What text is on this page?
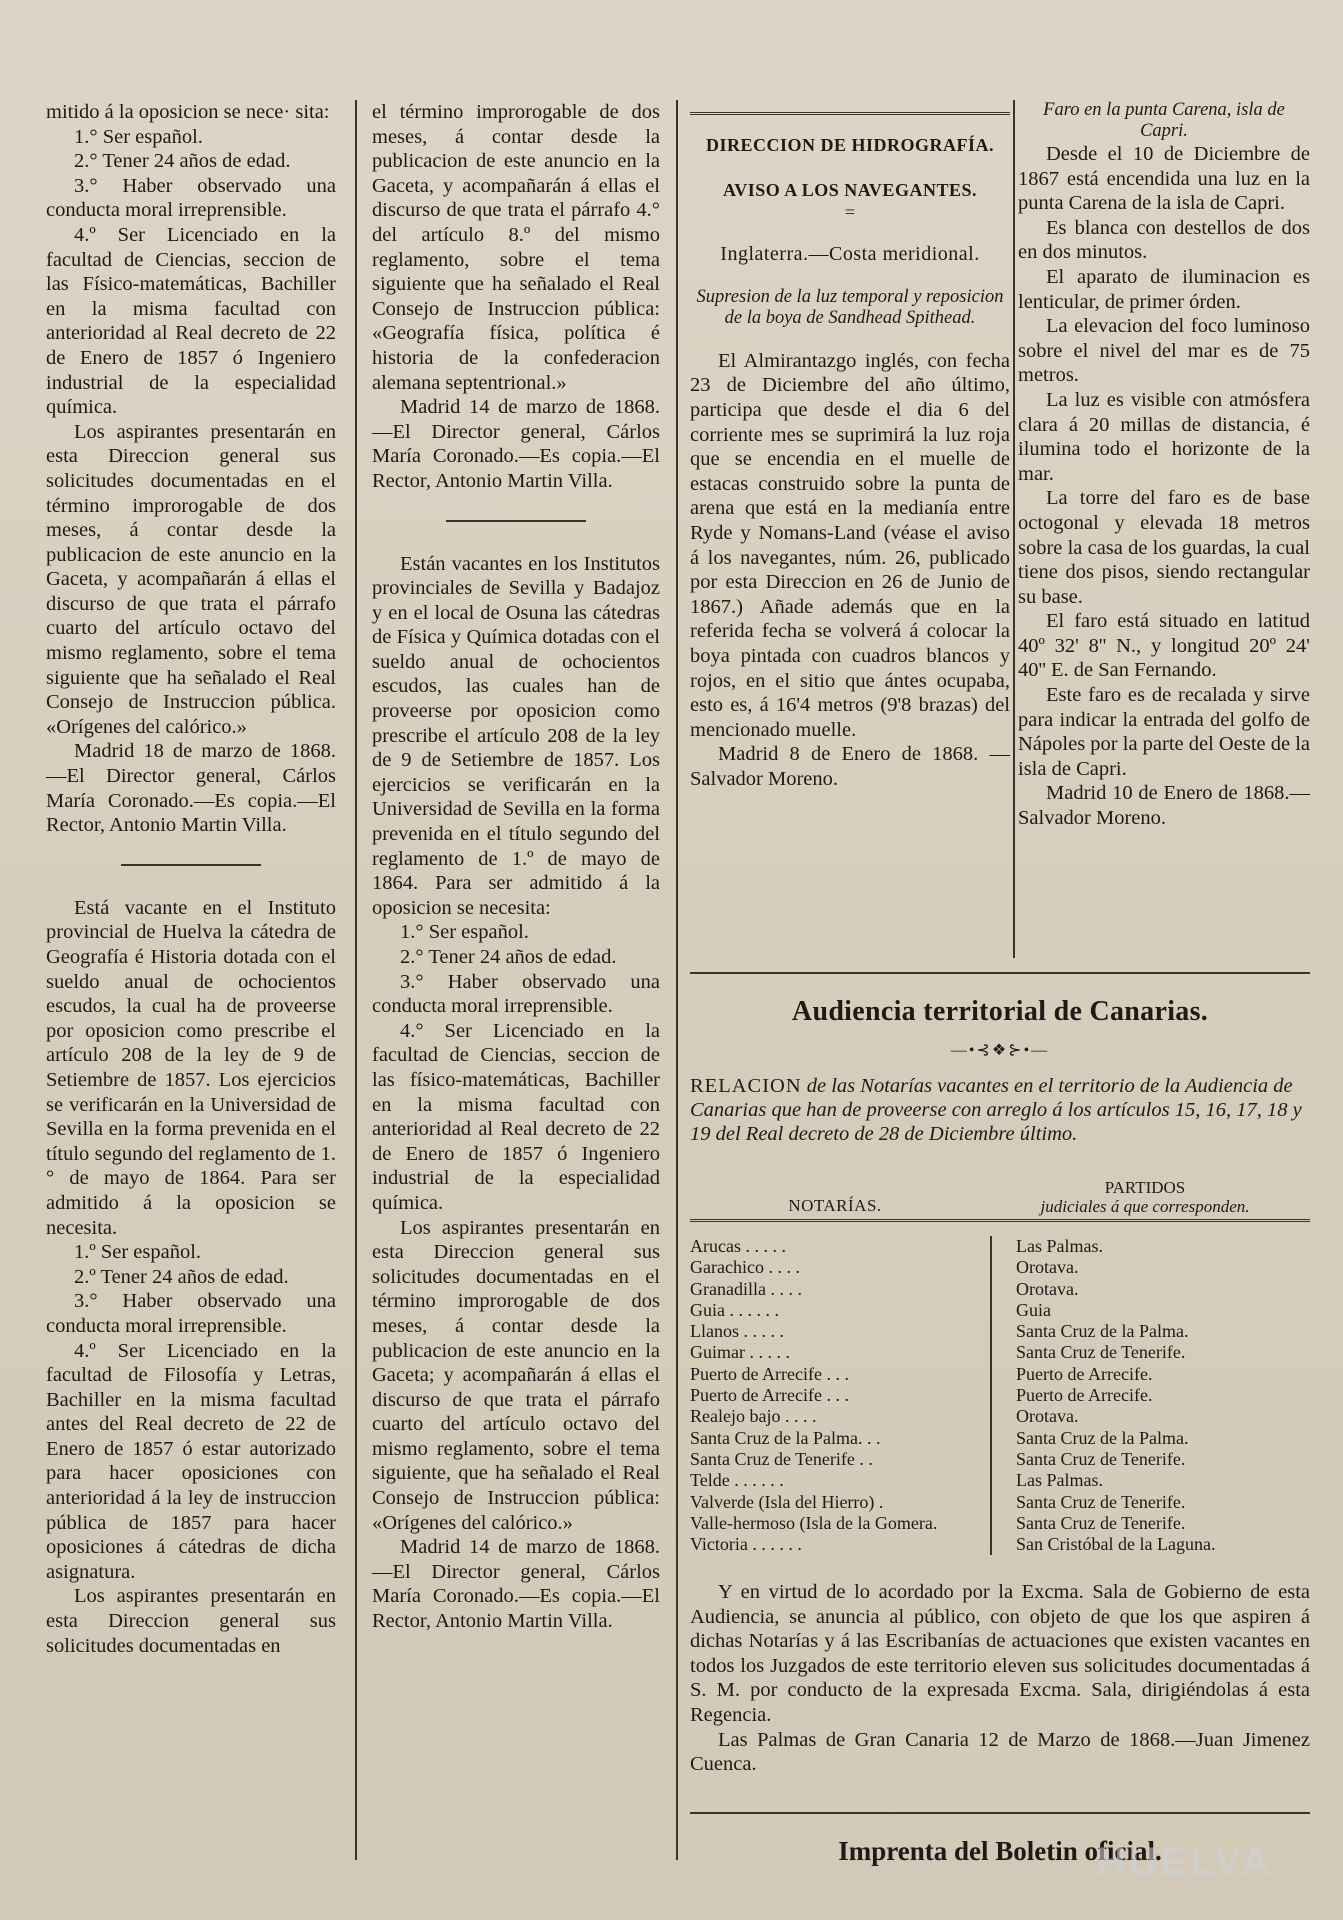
mitido á la oposicion se nece· sita:

1.° Ser español.

2.° Tener 24 años de edad.

3.° Haber observado una conducta moral irreprensible.

4.º Ser Licenciado en la facultad de Ciencias, seccion de las Físico-matemáticas, Bachiller en la misma facultad con anterioridad al Real decreto de 22 de Enero de 1857 ó Ingeniero industrial de la especialidad química.

Los aspirantes presentarán en esta Direccion general sus solicitudes documentadas en el término improrogable de dos meses, á contar desde la publicacion de este anuncio en la Gaceta, y acompañarán á ellas el discurso de que trata el párrafo cuarto del artículo octavo del mismo reglamento, sobre el tema siguiente que ha señalado el Real Consejo de Instruccion pública. «Orígenes del calórico.»

Madrid 18 de marzo de 1868.—El Director general, Cárlos María Coronado.—Es copia.—El Rector, Antonio Martin Villa.

Está vacante en el Instituto provincial de Huelva la cátedra de Geografía é Historia dotada con el sueldo anual de ochocientos escudos, la cual ha de proveerse por oposicion como prescribe el artículo 208 de la ley de 9 de Setiembre de 1857. Los ejercicios se verificarán en la Universidad de Sevilla en la forma prevenida en el título segundo del reglamento de 1.° de mayo de 1864. Para ser admitido á la oposicion se necesita.

1.º Ser español.

2.º Tener 24 años de edad.

3.° Haber observado una conducta moral irreprensible.

4.º Ser Licenciado en la facultad de Filosofía y Letras, Bachiller en la misma facultad antes del Real decreto de 22 de Enero de 1857 ó estar autorizado para hacer oposiciones con anterioridad á la ley de instruccion pública de 1857 para hacer oposiciones á cátedras de dicha asignatura.

Los aspirantes presentarán en esta Direccion general sus solicitudes documentadas en

el término improrogable de dos meses, á contar desde la publicacion de este anuncio en la Gaceta, y acompañarán á ellas el discurso de que trata el párrafo 4.° del artículo 8.º del mismo reglamento, sobre el tema siguiente que ha señalado el Real Consejo de Instruccion pública: «Geografía física, política é historia de la confederacion alemana septentrional.»

Madrid 14 de marzo de 1868.—El Director general, Cárlos María Coronado.—Es copia.—El Rector, Antonio Martin Villa.

Están vacantes en los Institutos provinciales de Sevilla y Badajoz y en el local de Osuna las cátedras de Física y Química dotadas con el sueldo anual de ochocientos escudos, las cuales han de proveerse por oposicion como prescribe el artículo 208 de la ley de 9 de Setiembre de 1857. Los ejercicios se verificarán en la Universidad de Sevilla en la forma prevenida en el título segundo del reglamento de 1.º de mayo de 1864. Para ser admitido á la oposicion se necesita:

1.° Ser español.

2.° Tener 24 años de edad.

3.° Haber observado una conducta moral irreprensible.

4.° Ser Licenciado en la facultad de Ciencias, seccion de las físico-matemáticas, Bachiller en la misma facultad con anterioridad al Real decreto de 22 de Enero de 1857 ó Ingeniero industrial de la especialidad química.

Los aspirantes presentarán en esta Direccion general sus solicitudes documentadas en el término improrogable de dos meses, á contar desde la publicacion de este anuncio en la Gaceta; y acompañarán á ellas el discurso de que trata el párrafo cuarto del artículo octavo del mismo reglamento, sobre el tema siguiente, que ha señalado el Real Consejo de Instruccion pública: «Orígenes del calórico.»

Madrid 14 de marzo de 1868.—El Director general, Cárlos María Coronado.—Es copia.—El Rector, Antonio Martin Villa.

DIRECCION DE HIDROGRAFÍA.

AVISO A LOS NAVEGANTES.

=

Inglaterra.—Costa meridional.

Supresion de la luz temporal y reposicion de la boya de Sandhead Spithead.

El Almirantazgo inglés, con fecha 23 de Diciembre del año último, participa que desde el dia 6 del corriente mes se suprimirá la luz roja que se encendia en el muelle de estacas construido sobre la punta de arena que está en la medianía entre Ryde y Nomans-Land (véase el aviso á los navegantes, núm. 26, publicado por esta Direccion en 26 de Junio de 1867.) Añade además que en la referida fecha se volverá á colocar la boya pintada con cuadros blancos y rojos, en el sitio que ántes ocupaba, esto es, á 16'4 metros (9'8 brazas) del mencionado muelle.

Madrid 8 de Enero de 1868. —Salvador Moreno.

Faro en la punta Carena, isla de Capri.

Desde el 10 de Diciembre de 1867 está encendida una luz en la punta Carena de la isla de Capri.

Es blanca con destellos de dos en dos minutos.

El aparato de iluminacion es lenticular, de primer órden.

La elevacion del foco luminoso sobre el nivel del mar es de 75 metros.

La luz es visible con atmósfera clara á 20 millas de distancia, é ilumina todo el horizonte de la mar.

La torre del faro es de base octogonal y elevada 18 metros sobre la casa de los guardas, la cual tiene dos pisos, siendo rectangular su base.

El faro está situado en latitud 40º 32' 8'' N., y longitud 20º 24' 40'' E. de San Fernando.

Este faro es de recalada y sirve para indicar la entrada del golfo de Nápoles por la parte del Oeste de la isla de Capri.

Madrid 10 de Enero de 1868.—Salvador Moreno.

Audiencia territorial de Canarias.
—•⊰❖⊱•—
RELACION de las Notarías vacantes en el territorio de la Audiencia de Canarias que han de proveerse con arreglo á los artículos 15, 16, 17, 18 y 19 del Real decreto de 28 de Diciembre último.
NOTARÍAS.
PARTIDOS
judiciales á que corresponden.
Arucas . . . . .
Garachico . . . .
Granadilla . . . .
Guia . . . . . .
Llanos . . . . .
Guimar . . . . .
Puerto de Arrecife . . .
Puerto de Arrecife . . .
Realejo bajo . . . .
Santa Cruz de la Palma. . .
Santa Cruz de Tenerife . .
Telde . . . . . .
Valverde (Isla del Hierro) .
Valle-hermoso (Isla de la Gomera.
Victoria . . . . . .
Las Palmas.
Orotava.
Orotava.
Guia
Santa Cruz de la Palma.
Santa Cruz de Tenerife.
Puerto de Arrecife.
Puerto de Arrecife.
Orotava.
Santa Cruz de la Palma.
Santa Cruz de Tenerife.
Las Palmas.
Santa Cruz de Tenerife.
Santa Cruz de Tenerife.
San Cristóbal de la Laguna.

Y en virtud de lo acordado por la Excma. Sala de Gobierno de esta Audiencia, se anuncia al público, con objeto de que los que aspiren á dichas Notarías y á las Escribanías de actuaciones que existen vacantes en todos los Juzgados de este territorio eleven sus solicitudes documentadas á S. M. por conducto de la expresada Excma. Sala, dirigiéndolas á esta Regencia.

Las Palmas de Gran Canaria 12 de Marzo de 1868.—Juan Jimenez Cuenca.

Imprenta del Boletin oficial.
HUELVA
